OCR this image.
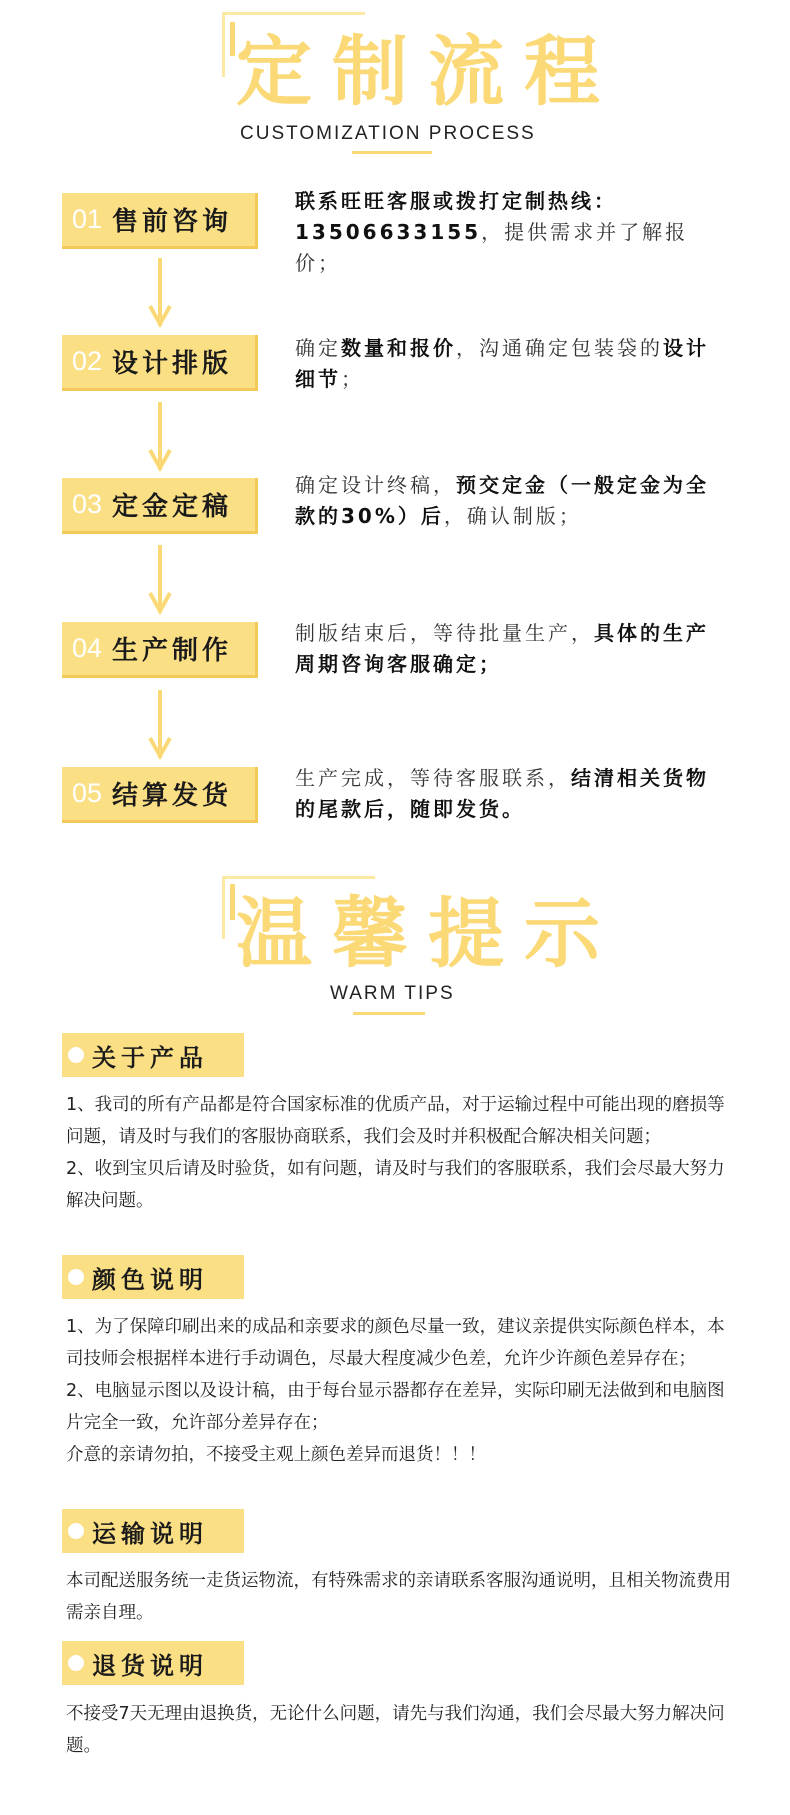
定制流程
CUSTOMIZATION PROCESS
01 售前咨询
联系旺旺客服或拨打定制热线：13506633155，提供需求并了解报价；
02 设计排版
确定数量和报价，沟通确定包装袋的设计细节；
03 定金定稿
确定设计终稿，预交定金（一般定金为全款的30%）后，确认制版；
04 生产制作
制版结束后，等待批量生产，具体的生产周期咨询客服确定；
05 结算发货
生产完成，等待客服联系，结清相关货物的尾款后，随即发货。
温馨提示
WARM TIPS
关于产品

1、我司的所有产品都是符合国家标准的优质产品，对于运输过程中可能出现的磨损等问题，请及时与我们的客服协商联系，我们会及时并积极配合解决相关问题；

2、收到宝贝后请及时验货，如有问题，请及时与我们的客服联系，我们会尽最大努力解决问题。

颜色说明

1、为了保障印刷出来的成品和亲要求的颜色尽量一致，建议亲提供实际颜色样本，本司技师会根据样本进行手动调色，尽最大程度减少色差，允许少许颜色差异存在；

2、电脑显示图以及设计稿，由于每台显示器都存在差异，实际印刷无法做到和电脑图片完全一致，允许部分差异存在；

介意的亲请勿拍，不接受主观上颜色差异而退货！！！

运输说明

本司配送服务统一走货运物流，有特殊需求的亲请联系客服沟通说明，且相关物流费用需亲自理。

退货说明

不接受7天无理由退换货，无论什么问题，请先与我们沟通，我们会尽最大努力解决问题。
